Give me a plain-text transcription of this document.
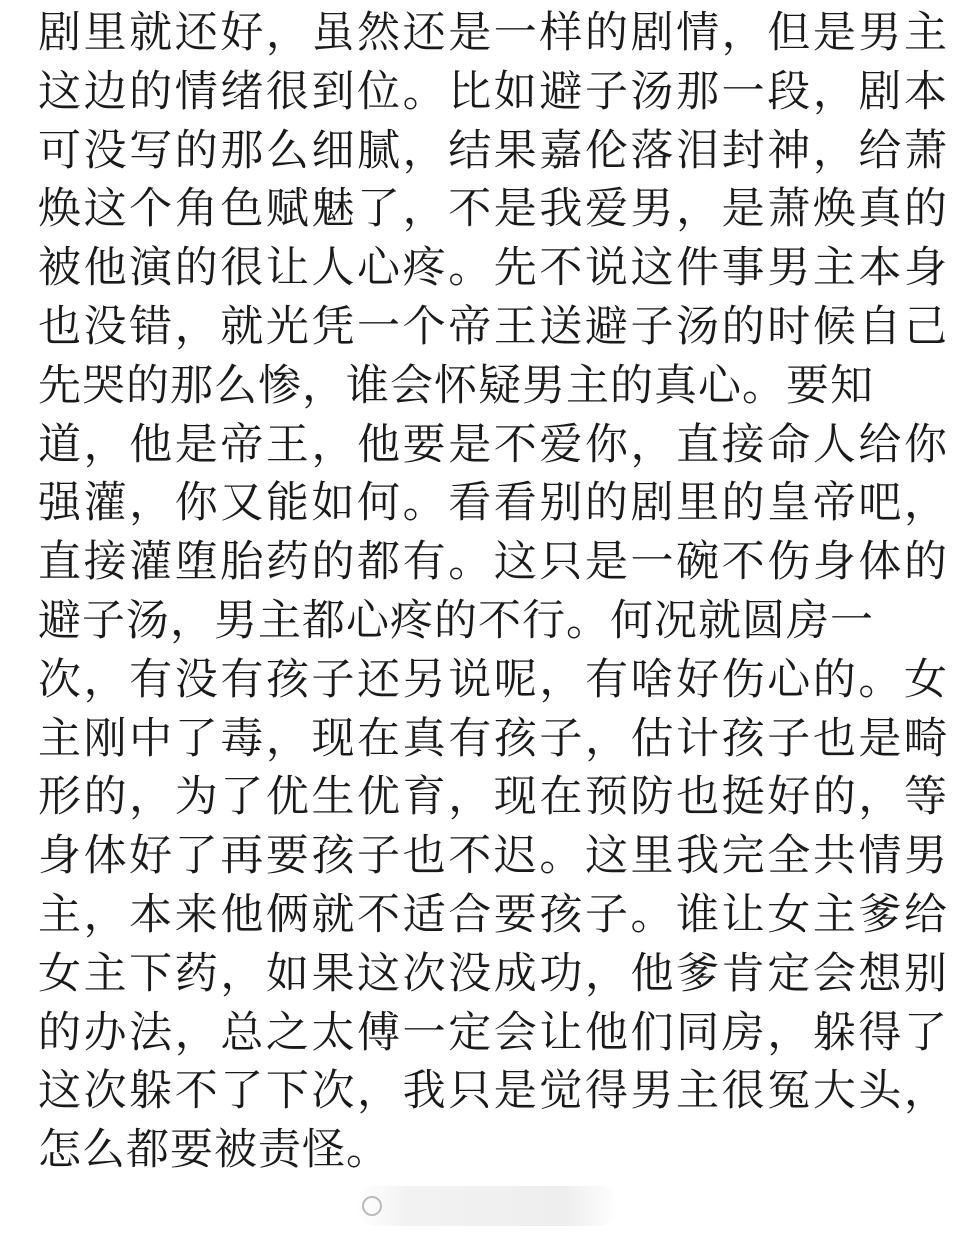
剧里就还好，虽然还是一样的剧情，但是男主
这边的情绪很到位。比如避子汤那一段，剧本
可没写的那么细腻，结果嘉伦落泪封神，给萧
焕这个角色赋魅了，不是我爱男，是萧焕真的
被他演的很让人心疼。先不说这件事男主本身
也没错，就光凭一个帝王送避子汤的时候自己
先哭的那么惨，谁会怀疑男主的真心。要知
道，他是帝王，他要是不爱你，直接命人给你
强灌，你又能如何。看看别的剧里的皇帝吧，
直接灌堕胎药的都有。这只是一碗不伤身体的
避子汤，男主都心疼的不行。何况就圆房一
次，有没有孩子还另说呢，有啥好伤心的。女
主刚中了毒，现在真有孩子，估计孩子也是畸
形的，为了优生优育，现在预防也挺好的，等
身体好了再要孩子也不迟。这里我完全共情男
主，本来他俩就不适合要孩子。谁让女主爹给
女主下药，如果这次没成功，他爹肯定会想别
的办法，总之太傅一定会让他们同房，躲得了
这次躲不了下次，我只是觉得男主很冤大头，
怎么都要被责怪。
